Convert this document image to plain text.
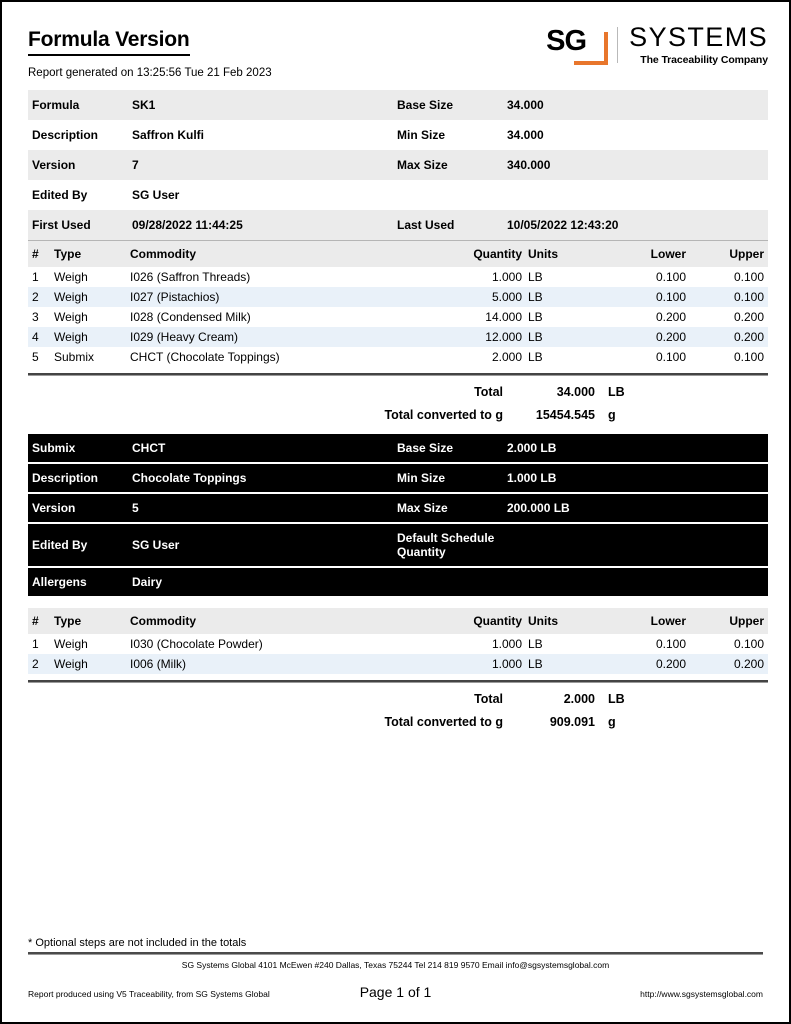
Formula Version
Report generated on 13:25:56 Tue 21 Feb 2023
SG SYSTEMS
The Traceability Company
Formula	SK1	Base Size	34.000
Description	Saffron Kulfi	Min Size	34.000
Version	7	Max Size	340.000
Edited By	SG User		
First Used	09/28/2022 11:44:25	Last Used	10/05/2022 12:43:20
#	Type	Commodity	Quantity	Units	Lower	Upper
1	Weigh	I026 (Saffron Threads)	1.000	LB	0.100	0.100
2	Weigh	I027 (Pistachios)	5.000	LB	0.100	0.100
3	Weigh	I028 (Condensed Milk)	14.000	LB	0.200	0.200
4	Weigh	I029 (Heavy Cream)	12.000	LB	0.200	0.200
5	Submix	CHCT (Chocolate Toppings)	2.000	LB	0.100	0.100
Total	34.000	LB
Total converted to g	15454.545	g
Submix	CHCT	Base Size	2.000 LB
Description	Chocolate Toppings	Min Size	1.000 LB
Version	5	Max Size	200.000 LB
Edited By	SG User	Default Schedule Quantity	
Allergens	Dairy		
#	Type	Commodity	Quantity	Units	Lower	Upper
1	Weigh	I030 (Chocolate Powder)	1.000	LB	0.100	0.100
2	Weigh	I006 (Milk)	1.000	LB	0.200	0.200
Total	2.000	LB
Total converted to g	909.091	g
* Optional steps are not included in the totals
SG Systems Global 4101 McEwen #240 Dallas, Texas 75244 Tel 214 819 9570 Email info@sgsystemsglobal.com
Report produced using V5 Traceability, from SG Systems Global	Page 1 of 1	http://www.sgsystemsglobal.com
